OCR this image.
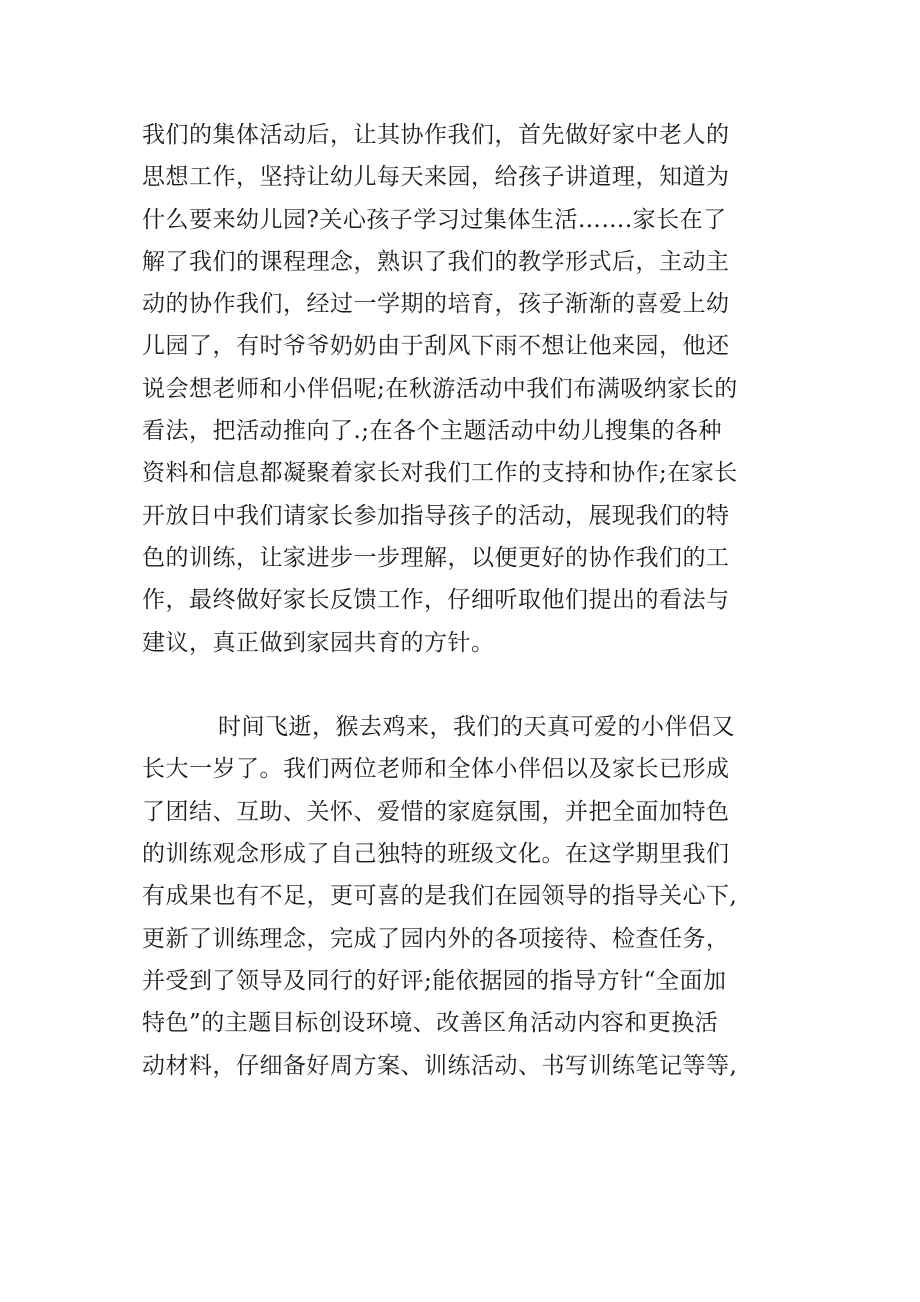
我们的集体活动后，让其协作我们，首先做好家中老人的
思想工作，坚持让幼儿每天来园，给孩子讲道理，知道为
什么要来幼儿园?关心孩子学习过集体生活…….家长在了
解了我们的课程理念，熟识了我们的教学形式后，主动主
动的协作我们，经过一学期的培育，孩子渐渐的喜爱上幼
儿园了，有时爷爷奶奶由于刮风下雨不想让他来园，他还
说会想老师和小伴侣呢;在秋游活动中我们布满吸纳家长的
看法，把活动推向了.;在各个主题活动中幼儿搜集的各种
资料和信息都凝聚着家长对我们工作的支持和协作;在家长
开放日中我们请家长参加指导孩子的活动，展现我们的特
色的训练，让家进步一步理解，以便更好的协作我们的工
作，最终做好家长反馈工作，仔细听取他们提出的看法与
建议，真正做到家园共育的方针。
时间飞逝，猴去鸡来，我们的天真可爱的小伴侣又
长大一岁了。我们两位老师和全体小伴侣以及家长已形成
了团结、互助、关怀、爱惜的家庭氛围，并把全面加特色
的训练观念形成了自己独特的班级文化。在这学期里我们
有成果也有不足，更可喜的是我们在园领导的指导关心下,
更新了训练理念，完成了园内外的各项接待、检查任务，
并受到了领导及同行的好评;能依据园的指导方针“全面加
特色”的主题目标创设环境、改善区角活动内容和更换活
动材料，仔细备好周方案、训练活动、书写训练笔记等等,
